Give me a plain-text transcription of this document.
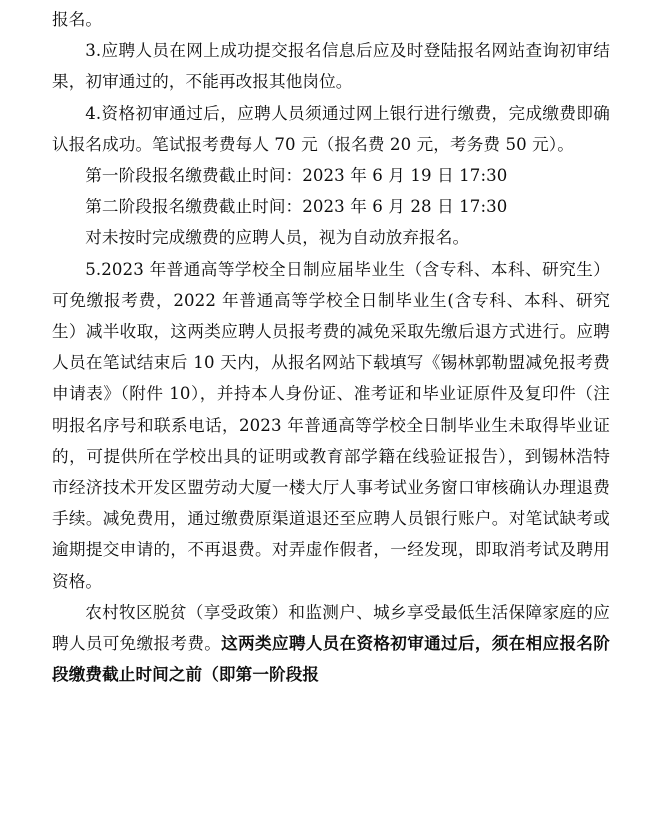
报名。

3.应聘人员在网上成功提交报名信息后应及时登陆报名网站查询初审结果，初审通过的，不能再改报其他岗位。

4.资格初审通过后，应聘人员须通过网上银行进行缴费，完成缴费即确认报名成功。笔试报考费每人 70 元（报名费 20 元，考务费 50 元）。

第一阶段报名缴费截止时间：2023 年 6 月 19 日 17:30

第二阶段报名缴费截止时间：2023 年 6 月 28 日 17:30

对未按时完成缴费的应聘人员，视为自动放弃报名。

5.2023 年普通高等学校全日制应届毕业生（含专科、本科、研究生）可免缴报考费，2022 年普通高等学校全日制毕业生(含专科、本科、研究生）减半收取，这两类应聘人员报考费的减免采取先缴后退方式进行。应聘人员在笔试结束后 10 天内，从报名网站下载填写《锡林郭勒盟减免报考费申请表》（附件 10），并持本人身份证、准考证和毕业证原件及复印件（注明报名序号和联系电话，2023 年普通高等学校全日制毕业生未取得毕业证的，可提供所在学校出具的证明或教育部学籍在线验证报告），到锡林浩特市经济技术开发区盟劳动大厦一楼大厅人事考试业务窗口审核确认办理退费手续。减免费用，通过缴费原渠道退还至应聘人员银行账户。对笔试缺考或逾期提交申请的，不再退费。对弄虚作假者，一经发现，即取消考试及聘用资格。

农村牧区脱贫（享受政策）和监测户、城乡享受最低生活保障家庭的应聘人员可免缴报考费。这两类应聘人员在资格初审通过后，须在相应报名阶段缴费截止时间之前（即第一阶段报
